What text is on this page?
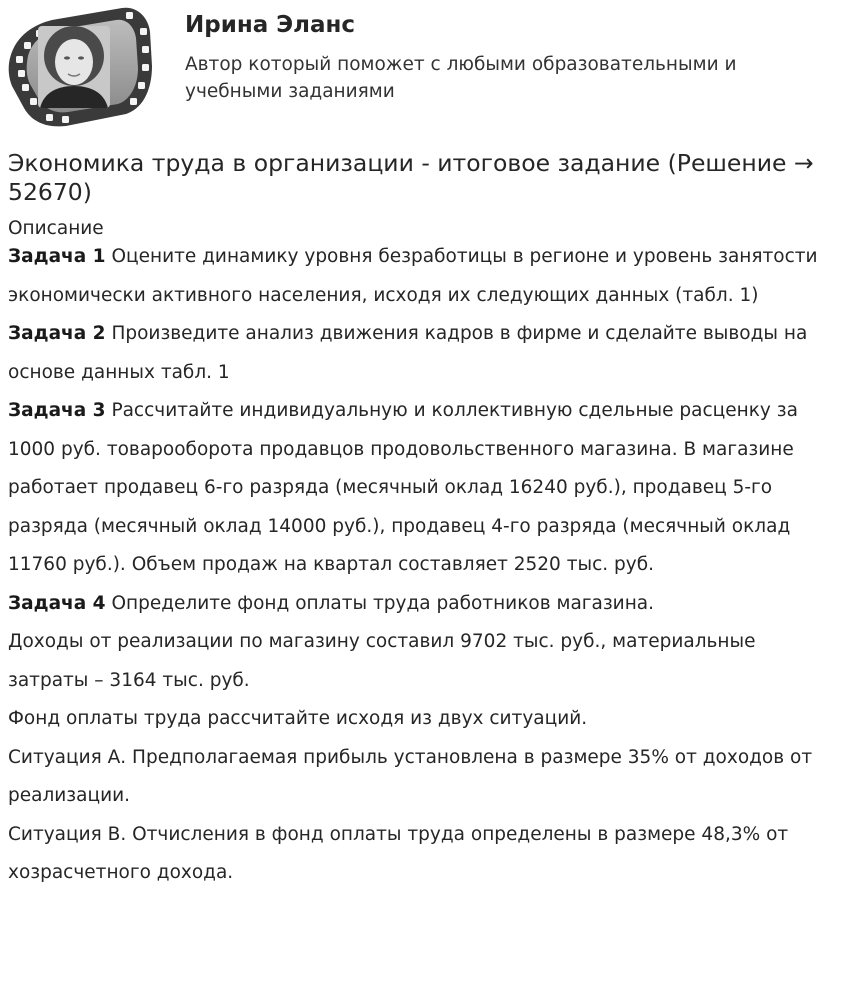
Ирина Эланс
Автор который поможет с любыми образовательными и учебными заданиями
Экономика труда в организации - итоговое задание (Решение → 52670)
Описание

Задача 1 Оцените динамику уровня безработицы в регионе и уровень занятости экономически активного населения, исходя их следующих данных (табл. 1)

Задача 2 Произведите анализ движения кадров в фирме и сделайте выводы на основе данных табл. 1

Задача 3 Рассчитайте индивидуальную и коллективную сдельные расценку за 1000 руб. товарооборота продавцов продовольственного магазина. В магазине работает продавец 6-го разряда (месячный оклад 16240 руб.), продавец 5-го разряда (месячный оклад 14000 руб.), продавец 4-го разряда (месячный оклад 11760 руб.). Объем продаж на квартал составляет 2520 тыс. руб.

Задача 4 Определите фонд оплаты труда работников магазина.

Доходы от реализации по магазину составил 9702 тыс. руб., материальные затраты – 3164 тыс. руб.

Фонд оплаты труда рассчитайте исходя из двух ситуаций.

Ситуация А. Предполагаемая прибыль установлена в размере 35% от доходов от реализации.

Ситуация В. Отчисления в фонд оплаты труда определены в размере 48,3% от хозрасчетного дохода.
